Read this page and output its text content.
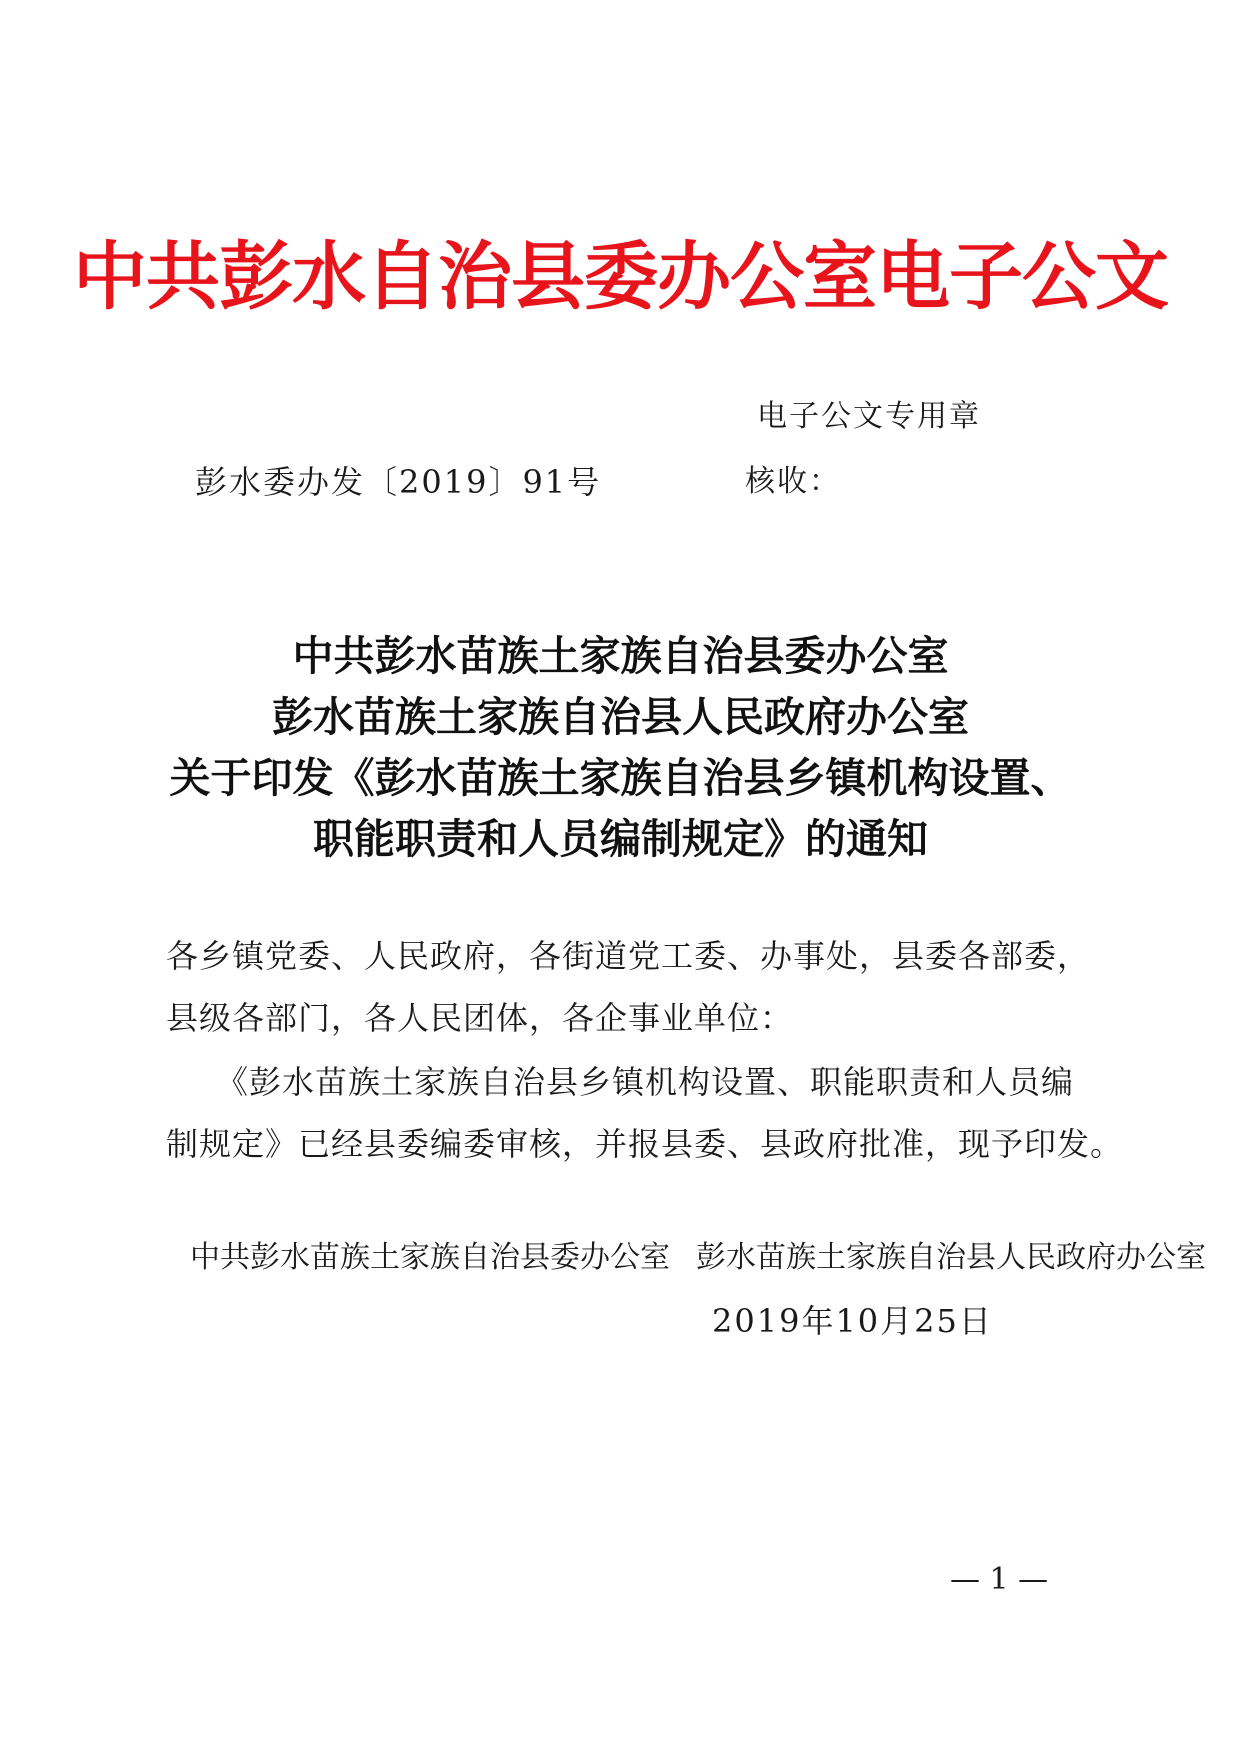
中共彭水自治县委办公室电子公文
电子公文专用章
彭水委办发〔2019〕91号	核收：
中共彭水苗族土家族自治县委办公室
彭水苗族土家族自治县人民政府办公室
关于印发《彭水苗族土家族自治县乡镇机构设置、
职能职责和人员编制规定》的通知
各乡镇党委、人民政府，各街道党工委、办事处，县委各部委，
县级各部门，各人民团体，各企事业单位：
　　《彭水苗族土家族自治县乡镇机构设置、职能职责和人员编
制规定》已经县委编委审核，并报县委、县政府批准，现予印发。
中共彭水苗族土家族自治县委办公室 彭水苗族土家族自治县人民政府办公室
2019年10月25日
— 1 —
